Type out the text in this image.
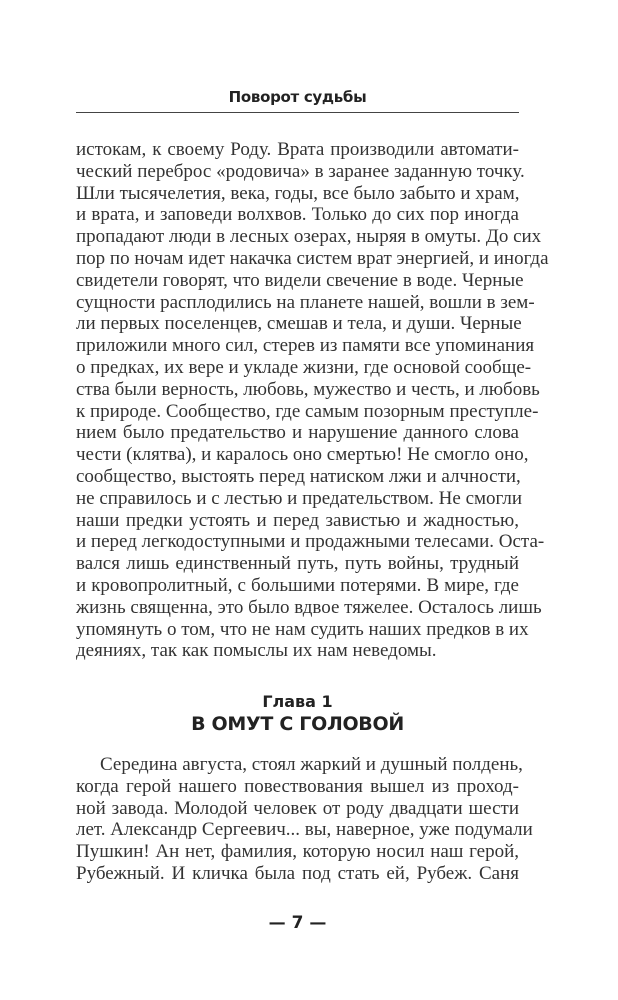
Поворот судьбы
истокам, к своему Роду. Врата производили автомати-
ческий переброс «родовича» в заранее заданную точку.
Шли тысячелетия, века, годы, все было забыто и храм,
и врата, и заповеди волхвов. Только до сих пор иногда
пропадают люди в лесных озерах, ныряя в омуты. До сих
пор по ночам идет накачка систем врат энергией, и иногда
свидетели говорят, что видели свечение в воде. Черные
сущности расплодились на планете нашей, вошли в зем-
ли первых поселенцев, смешав и тела, и души. Черные
приложили много сил, стерев из памяти все упоминания
о предках, их вере и укладе жизни, где основой сообще-
ства были верность, любовь, мужество и честь, и любовь
к природе. Сообщество, где самым позорным преступле-
нием было предательство и нарушение данного слова
чести (клятва), и каралось оно смертью! Не смогло оно,
сообщество, выстоять перед натиском лжи и алчности,
не справилось и с лестью и предательством. Не смогли
наши предки устоять и перед завистью и жадностью,
и перед легкодоступными и продажными телесами. Оста-
вался лишь единственный путь, путь войны, трудный
и кровопролитный, с большими потерями. В мире, где
жизнь священна, это было вдвое тяжелее. Осталось лишь
упомянуть о том, что не нам судить наших предков в их
деяниях, так как помыслы их нам неведомы.
Глава 1
В ОМУТ С ГОЛОВОЙ
Середина августа, стоял жаркий и душный полдень,
когда герой нашего повествования вышел из проход-
ной завода. Молодой человек от роду двадцати шести
лет. Александр Сергеевич... вы, наверное, уже подумали
Пушкин! Ан нет, фамилия, которую носил наш герой,
Рубежный. И кличка была под стать ей, Рубеж. Саня
— 7 —
